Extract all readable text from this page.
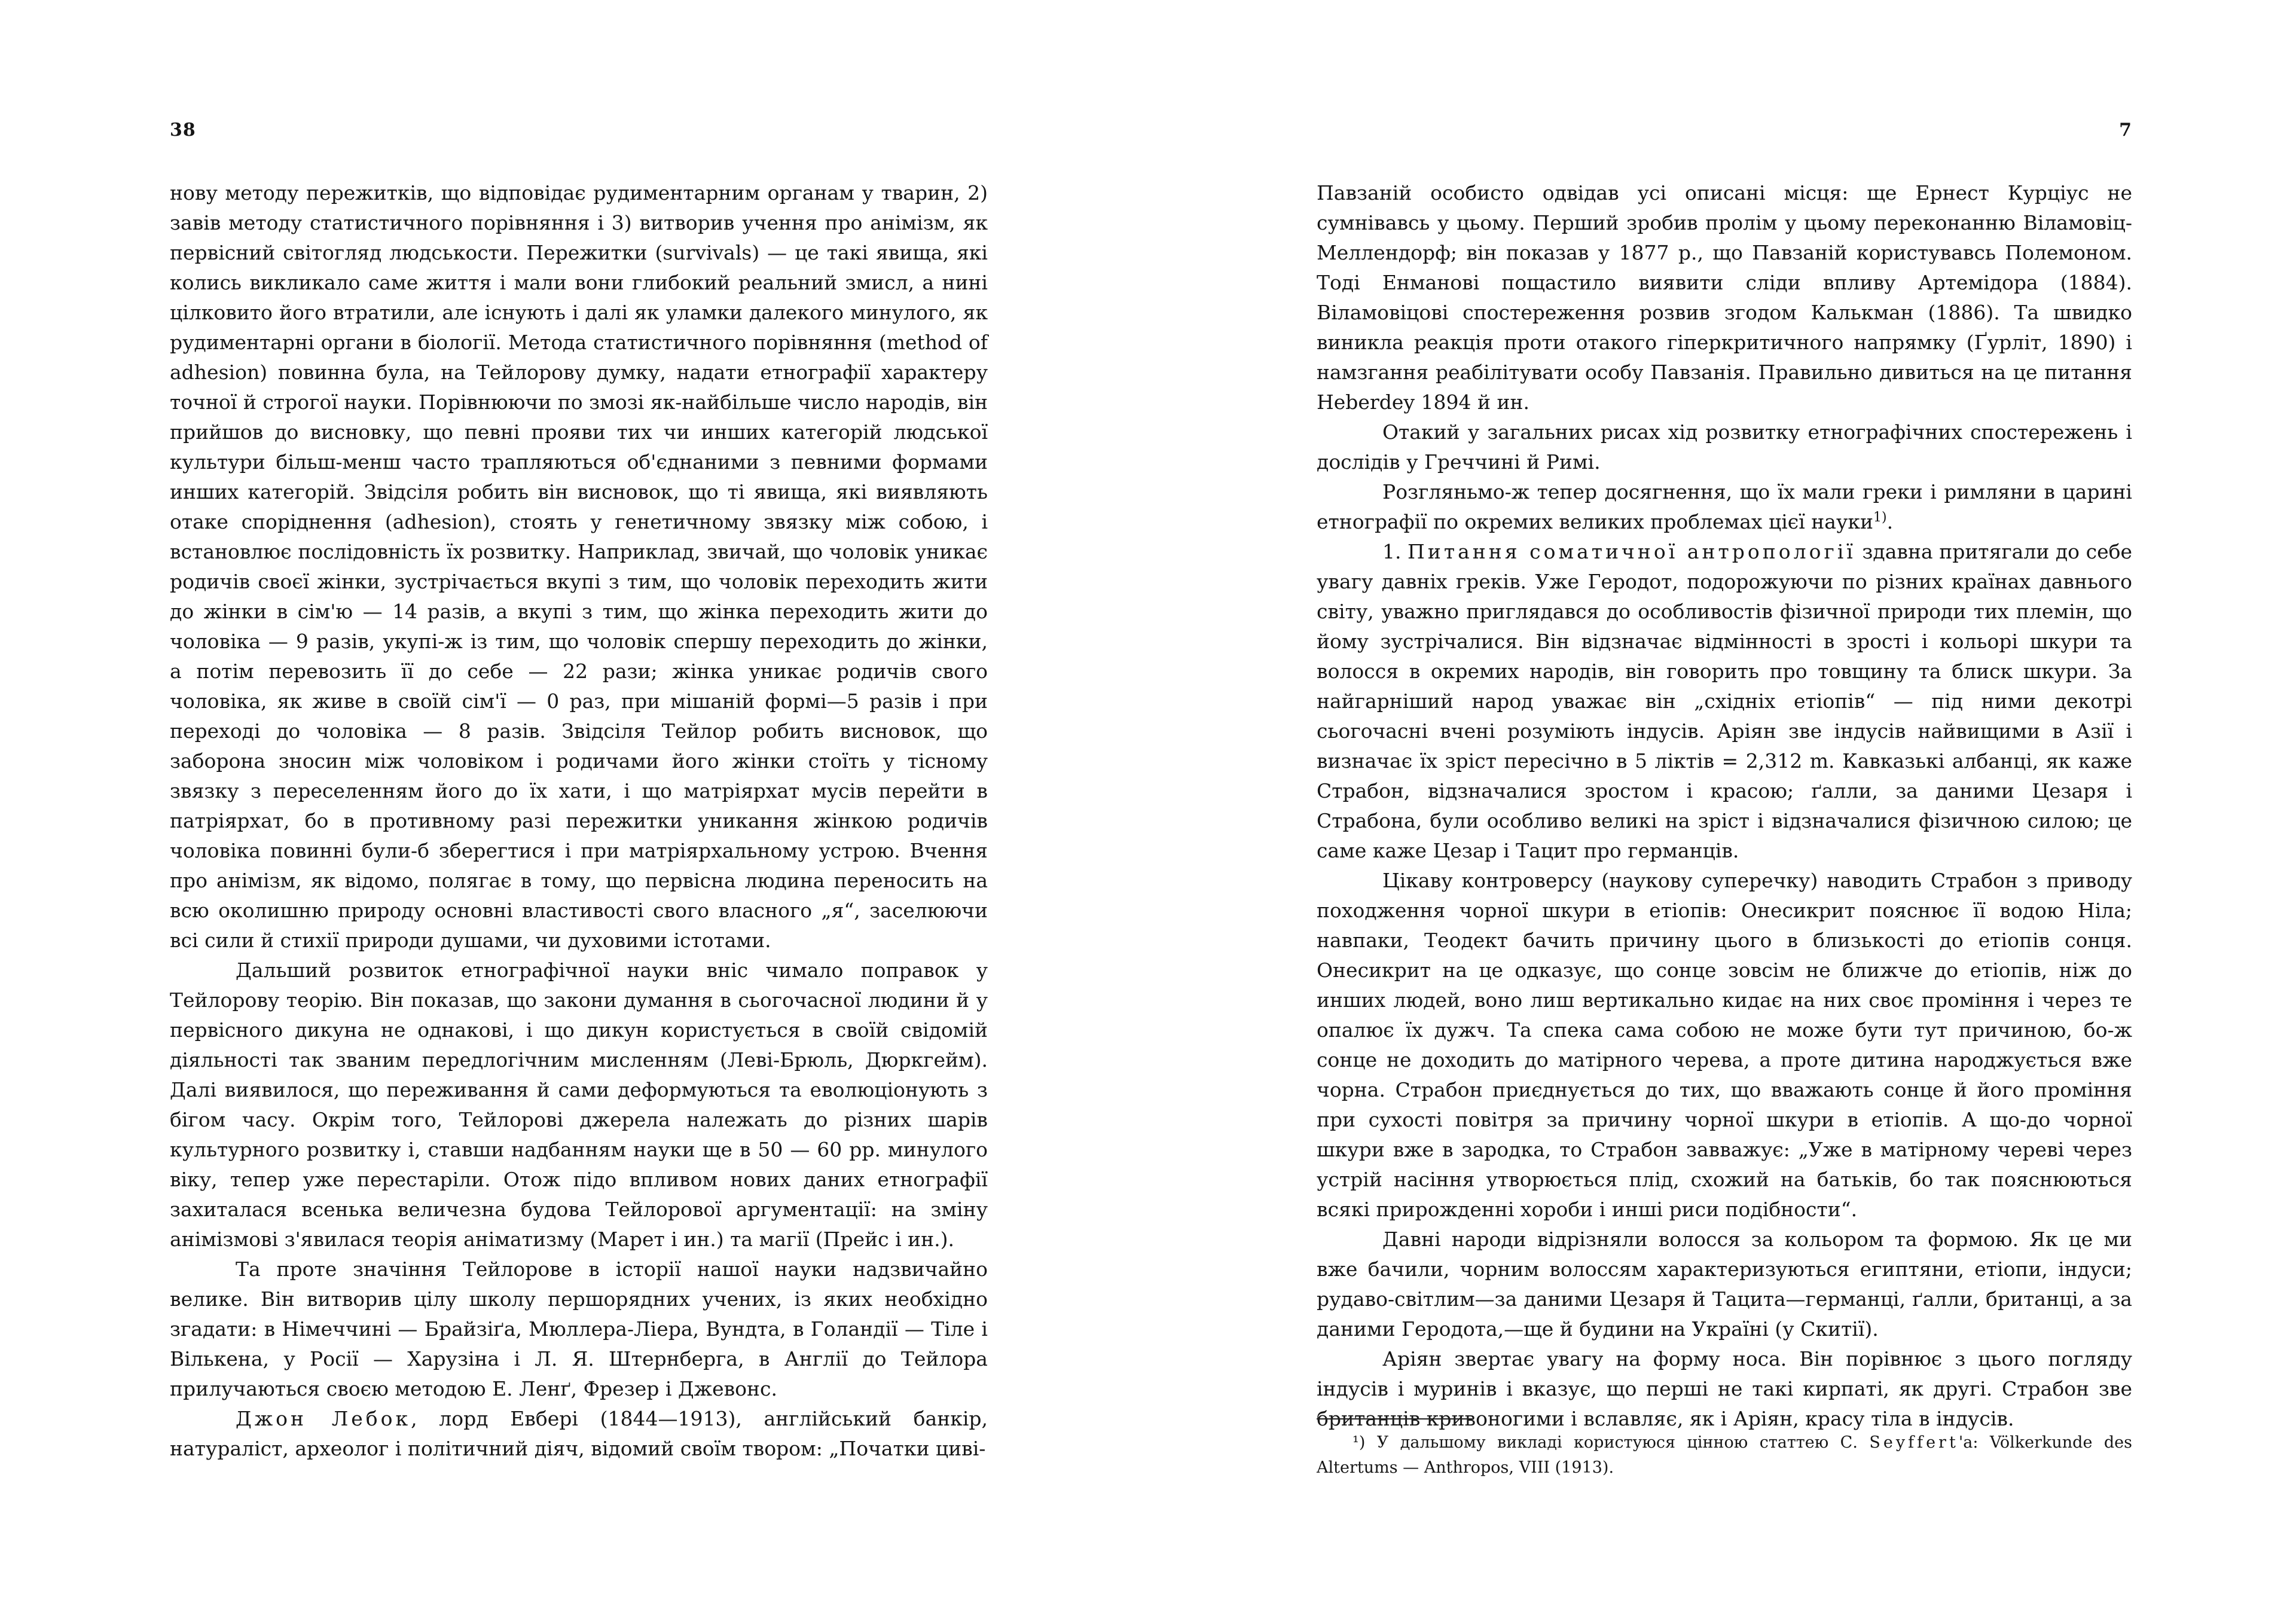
38

нову методу пережитків, що відповідає рудиментарним органам у тварин, 2) завів методу статистичного порівняння і 3) витворив учення про анімізм, як первісний світогляд людськости. Пережитки (survivals) — це такі явища, які колись викликало саме життя і мали вони глибокий реальний змисл, а нині цілковито його втратили, але існують і далі як уламки далекого минулого, як рудиментарні органи в біології. Метода статистичного порівняння (method of adhesion) повинна була, на Тейлорову думку, надати етнографії характеру точної й строгої науки. Порівнюючи по змозі як-найбільше число народів, він прийшов до висновку, що певні прояви тих чи инших категорій людської культури більш-менш часто трапляються об'єднаними з певними формами инших категорій. Звідсіля робить він висновок, що ті явища, які виявляють отаке споріднення (adhesion), стоять у генетичному звязку між собою, і встановлює послідовність їх розвитку. Наприклад, звичай, що чоловік уникає родичів своєї жінки, зустрічається вкупі з тим, що чоловік переходить жити до жінки в сім'ю — 14 разів, а вкупі з тим, що жінка переходить жити до чоловіка — 9 разів, укупі-ж із тим, що чоловік спершу переходить до жінки, а потім перевозить її до себе — 22 рази; жінка уникає родичів свого чоловіка, як живе в своїй сім'ї — 0 раз, при мішаній формі—5 разів і при переході до чоловіка — 8 разів. Звідсіля Тейлор робить висновок, що заборона зносин між чоловіком і родичами його жінки стоїть у тісному звязку з переселенням його до їх хати, і що матріярхат мусів перейти в патріярхат, бо в противному разі пережитки уникання жінкою родичів чоловіка повинні були-б зберегтися і при матріярхальному устрою. Вчення про анімізм, як відомо, полягає в тому, що первісна людина переносить на всю околишню природу основні властивості свого власного „я“, заселюючи всі сили й стихії природи душами, чи духовими істотами.

Дальший розвиток етнографічної науки вніс чимало поправок у Тейлорову теорію. Він показав, що закони думання в сьогочасної людини й у первісного дикуна не однакові, і що дикун користується в своїй свідомій діяльності так званим передлогічним мисленням (Леві-Брюль, Дюркгейм). Далі виявилося, що переживання й сами деформуються та еволюціонують з бігом часу. Окрім того, Тейлорові джерела належать до різних шарів культурного розвитку і, ставши надбанням науки ще в 50 — 60 рр. минулого віку, тепер уже перестаріли. Отож підо впливом нових даних етнографії захиталася всенька величезна будова Тейлорової аргументації: на зміну анімізмові з'явилася теорія аніматизму (Марет і ин.) та магії (Прейс і ин.).

Та проте значіння Тейлорове в історії нашої науки надзвичайно велике. Він витворив цілу школу першорядних учених, із яких необхідно згадати: в Німеччині — Брайзіґа, Мюллера-Ліера, Вундта, в Голандії — Тіле і Вількена, у Росії — Харузіна і Л. Я. Штернберга, в Англії до Тейлора прилучаються своєю методою Е. Ленґ, Фрезер і Джевонс.

Джон Лебок, лорд Евбері (1844—1913), англійський банкір, натураліст, археолог і політичний діяч, відомий своїм твором: „Початки циві-

7

Павзаній особисто одвідав усі описані місця: ще Ернест Курціус не сумнівавсь у цьому. Перший зробив пролім у цьому переконанню Віламовіц-Меллендорф; він показав у 1877 р., що Павзаній користувавсь Полемоном. Тоді Енманові пощастило виявити сліди впливу Артемідора (1884). Віламовіцові спостереження розвив згодом Калькман (1886). Та швидко виникла реакція проти отакого гіперкритичного напрямку (Ґурліт, 1890) і намзгання реабілітувати особу Павзанія. Правильно дивиться на це питання Heberdey 1894 й ин.

Отакий у загальних рисах хід розвитку етнографічних спостережень і дослідів у Греччині й Римі.

Розгляньмо-ж тепер досягнення, що їх мали греки і римляни в царині етнографії по окремих великих проблемах цієї науки$^{1)}$.

1. Питання соматичної антропології здавна притягали до себе увагу давніх греків. Уже Геродот, подорожуючи по різних країнах давнього світу, уважно приглядався до особливостів фізичної природи тих племін, що йому зустрічалися. Він відзначає відмінності в зрості і кольорі шкури та волосся в окремих народів, він говорить про товщину та блиск шкури. За найгарніший народ уважає він „східніх етіопів“ — під ними декотрі сьогочасні вчені розуміють індусів. Аріян зве індусів найвищими в Азії і визначає їх зріст пересічно в 5 ліктів = 2,312 m. Кавказькі албанці, як каже Страбон, відзначалися зростом і красою; ґалли, за даними Цезаря і Страбона, були особливо великі на зріст і відзначалися фізичною силою; це саме каже Цезар і Тацит про германців.

Цікаву контроверсу (наукову суперечку) наводить Страбон з приводу походження чорної шкури в етіопів: Онесикрит пояснює її водою Ніла; навпаки, Теодект бачить причину цього в близькості до етіопів сонця. Онесикрит на це одказує, що сонце зовсім не ближче до етіопів, ніж до инших людей, воно лиш вертикально кидає на них своє проміння і через те опалює їх дужч. Та спека сама собою не може бути тут причиною, бо-ж сонце не доходить до матірного черева, а проте дитина народжується вже чорна. Страбон приєднується до тих, що вважають сонце й його проміння при сухості повітря за причину чорної шкури в етіопів. А що-до чорної шкури вже в зародка, то Страбон завважує: „Уже в матірному череві через устрій насіння утворюється плід, схожий на батьків, бо так пояснюються всякі прирожденні хороби і инші риси подібности“.

Давні народи відрізняли волосся за кольором та формою. Як це ми вже бачили, чорним волоссям характеризуються египтяни, етіопи, індуси; рудаво-світлим—за даними Цезаря й Тацита—германці, ґалли, британці, а за даними Геродота,—ще й будини на Україні (у Скитії).

Аріян звертає увагу на форму носа. Він порівнює з цього погляду індусів і муринів і вказує, що перші не такі кирпаті, як другі. Страбон зве британців кривоногими і вславляє, як і Аріян, красу тіла в індусів.

¹) У дальшому викладі користуюся цінною статтею С. Seyffert'а: Völkerkunde des Altertums — Anthropos, VIII (1913).
